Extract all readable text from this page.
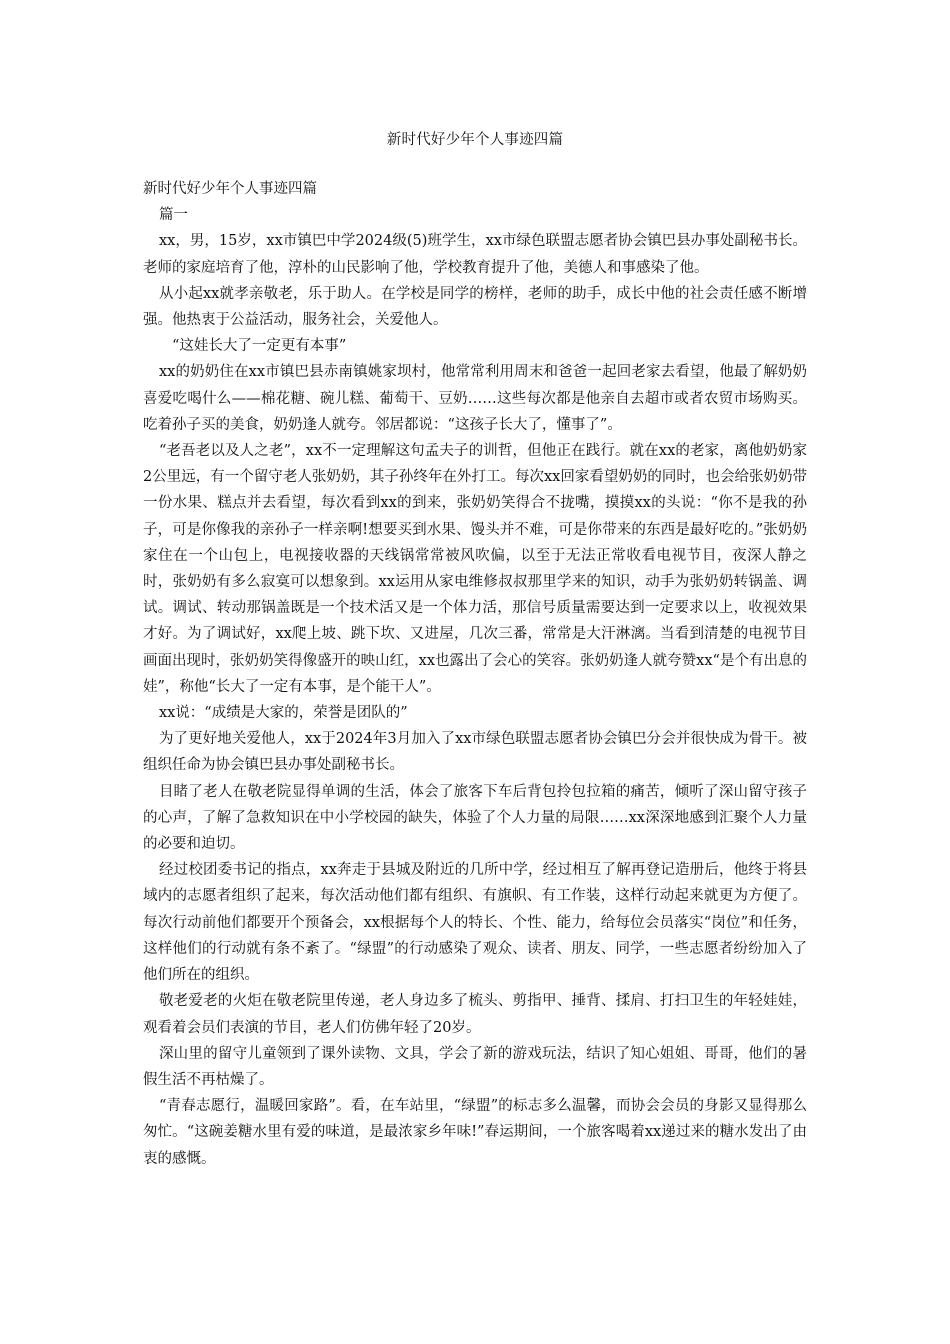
新时代好少年个人事迹四篇

新时代好少年个人事迹四篇

篇一

xx，男，15岁，xx市镇巴中学2024级(5)班学生，xx市绿色联盟志愿者协会镇巴县办事处副秘书长。老师的家庭培育了他，淳朴的山民影响了他，学校教育提升了他，美德人和事感染了他。

从小起xx就孝亲敬老，乐于助人。在学校是同学的榜样，老师的助手，成长中他的社会责任感不断增强。他热衷于公益活动，服务社会，关爱他人。

“这娃长大了一定更有本事”

xx的奶奶住在xx市镇巴县赤南镇姚家坝村，他常常利用周末和爸爸一起回老家去看望，他最了解奶奶喜爱吃喝什么——棉花糖、碗儿糕、葡萄干、豆奶……这些每次都是他亲自去超市或者农贸市场购买。吃着孙子买的美食，奶奶逢人就夸。邻居都说：“这孩子长大了，懂事了”。

“老吾老以及人之老”，xx不一定理解这句孟夫子的训哲，但他正在践行。就在xx的老家，离他奶奶家2公里远，有一个留守老人张奶奶，其子孙终年在外打工。每次xx回家看望奶奶的同时，也会给张奶奶带一份水果、糕点并去看望，每次看到xx的到来，张奶奶笑得合不拢嘴，摸摸xx的头说：“你不是我的孙子，可是你像我的亲孙子一样亲啊!想要买到水果、馒头并不难，可是你带来的东西是最好吃的。”张奶奶家住在一个山包上，电视接收器的天线锅常常被风吹偏，以至于无法正常收看电视节目，夜深人静之时，张奶奶有多么寂寞可以想象到。xx运用从家电维修叔叔那里学来的知识，动手为张奶奶转锅盖、调试。调试、转动那锅盖既是一个技术活又是一个体力活，那信号质量需要达到一定要求以上，收视效果才好。为了调试好，xx爬上坡、跳下坎、又进屋，几次三番，常常是大汗淋漓。当看到清楚的电视节目画面出现时，张奶奶笑得像盛开的映山红，xx也露出了会心的笑容。张奶奶逢人就夸赞xx“是个有出息的娃”，称他“长大了一定有本事，是个能干人”。

xx说：“成绩是大家的，荣誉是团队的”

为了更好地关爱他人，xx于2024年3月加入了xx市绿色联盟志愿者协会镇巴分会并很快成为骨干。被组织任命为协会镇巴县办事处副秘书长。

目睹了老人在敬老院显得单调的生活，体会了旅客下车后背包拎包拉箱的痛苦，倾听了深山留守孩子的心声，了解了急救知识在中小学校园的缺失，体验了个人力量的局限……xx深深地感到汇聚个人力量的必要和迫切。

经过校团委书记的指点，xx奔走于县城及附近的几所中学，经过相互了解再登记造册后，他终于将县域内的志愿者组织了起来，每次活动他们都有组织、有旗帜、有工作装，这样行动起来就更为方便了。每次行动前他们都要开个预备会，xx根据每个人的特长、个性、能力，给每位会员落实“岗位”和任务，这样他们的行动就有条不紊了。“绿盟”的行动感染了观众、读者、朋友、同学，一些志愿者纷纷加入了他们所在的组织。

敬老爱老的火炬在敬老院里传递，老人身边多了梳头、剪指甲、捶背、揉肩、打扫卫生的年轻娃娃，观看着会员们表演的节目，老人们仿佛年轻了20岁。

深山里的留守儿童领到了课外读物、文具，学会了新的游戏玩法，结识了知心姐姐、哥哥，他们的暑假生活不再枯燥了。

“青春志愿行，温暖回家路”。看，在车站里，“绿盟”的标志多么温馨，而协会会员的身影又显得那么匆忙。“这碗姜糖水里有爱的味道，是最浓家乡年味!”春运期间，一个旅客喝着xx递过来的糖水发出了由衷的感慨。
